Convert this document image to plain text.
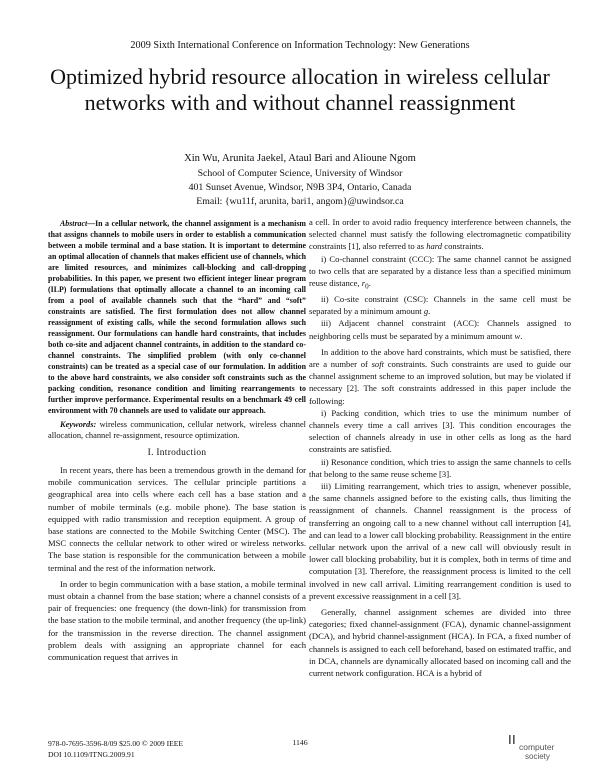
2009 Sixth International Conference on Information Technology: New Generations
Optimized hybrid resource allocation in wireless cellular networks with and without channel reassignment
Xin Wu, Arunita Jaekel, Ataul Bari and Alioune Ngom
School of Computer Science, University of Windsor
401 Sunset Avenue, Windsor, N9B 3P4, Ontario, Canada
Email: {wu11f, arunita, bari1, angom}@uwindsor.ca

Abstract—In a cellular network, the channel assignment is a mechanism that assigns channels to mobile users in order to establish a communication between a mobile terminal and a base station. It is important to determine an optimal allocation of channels that makes efficient use of channels, which are limited resources, and minimizes call-blocking and call-dropping probabilities. In this paper, we present two efficient integer linear program (ILP) formulations that optimally allocate a channel to an incoming call from a pool of available channels such that the “hard” and “soft” constraints are satisfied. The first formulation does not allow channel reassignment of existing calls, while the second formulation allows such reassignment. Our formulations can handle hard constraints, that includes both co-site and adjacent channel contraints, in addition to the standard co-channel constraints. The simplified problem (with only co-channel constraints) can be treated as a special case of our formulation. In addition to the above hard constraints, we also consider soft constraints such as the packing condition, resonance condition and limiting rearrangements to further improve performance. Experimental results on a benchmark 49 cell environment with 70 channels are used to validate our approach.

Keywords: wireless communication, cellular network, wireless channel allocation, channel re-assignment, resource optimization.

I. Introduction

In recent years, there has been a tremendous growth in the demand for mobile communication services. The cellular principle partitions a geographical area into cells where each cell has a base station and a number of mobile terminals (e.g. mobile phone). The base station is equipped with radio transmission and reception equipment. A group of base stations are connected to the Mobile Switching Center (MSC). The MSC connects the cellular network to other wired or wireless networks. The base station is responsible for the communication between a mobile terminal and the rest of the information network.

In order to begin communication with a base station, a mobile terminal must obtain a channel from the base station; where a channel consists of a pair of frequencies: one frequency (the down-link) for transmission from the base station to the mobile terminal, and another frequency (the up-link) for the transmission in the reverse direction. The channel assignment problem deals with assigning an appropriate channel for each communication request that arrives in

a cell. In order to avoid radio frequency interference between channels, the selected channel must satisfy the following electromagnetic compatibility constraints [1], also referred to as hard constraints.

i) Co-channel constraint (CCC): The same channel cannot be assigned to two cells that are separated by a distance less than a specified minimum reuse distance, $r_0$.

ii) Co-site constraint (CSC): Channels in the same cell must be separated by a minimum amount g.

iii) Adjacent channel constraint (ACC): Channels assigned to neighboring cells must be separated by a minimum amount w.

In addition to the above hard constraints, which must be satisfied, there are a number of soft constraints. Such constraints are used to guide our channel assignment scheme to an improved solution, but may be violated if necessary [2]. The soft constraints addressed in this paper include the following:

i) Packing condition, which tries to use the minimum number of channels every time a call arrives [3]. This condition encourages the selection of channels already in use in other cells as long as the hard constraints are satisfied.

ii) Resonance condition, which tries to assign the same channels to cells that belong to the same reuse scheme [3].

iii) Limiting rearrangement, which tries to assign, whenever possible, the same channels assigned before to the existing calls, thus limiting the reassignment of channels. Channel reassignment is the process of transferring an ongoing call to a new channel without call interruption [4], and can lead to a lower call blocking probability. Reassignment in the entire cellular network upon the arrival of a new call will obviously result in lower call blocking probability, but it is complex, both in terms of time and computation [3]. Therefore, the reassignment process is limited to the cell involved in new call arrival. Limiting rearrangement condition is used to prevent excessive reassignment in a cell [3].

Generally, channel assignment schemes are divided into three categories; fixed channel-assignment (FCA), dynamic channel-assignment (DCA), and hybrid channel-assignment (HCA). In FCA, a fixed number of channels is assigned to each cell beforehand, based on estimated traffic, and in DCA, channels are dynamically allocated based on incoming call and the current network configuration. HCA is a hybrid of

978-0-7695-3596-8/09 $25.00 © 2009 IEEE
DOI 10.1109/ITNG.2009.91
1146	computer
society
